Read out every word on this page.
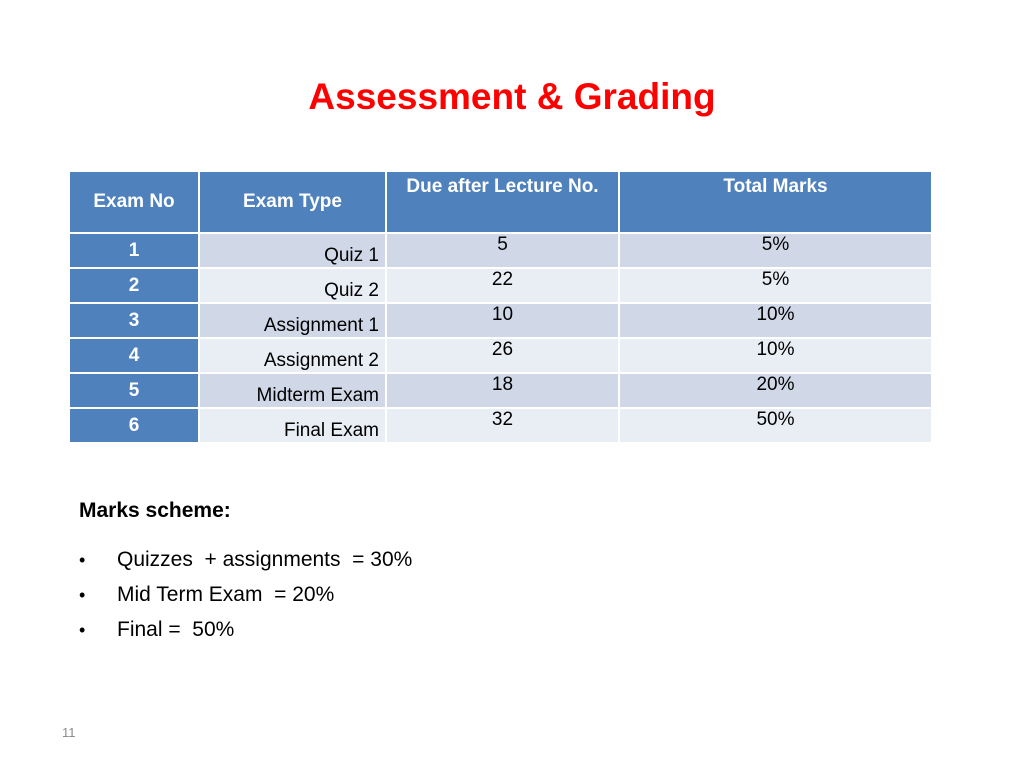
Assessment & Grading
Exam No	Exam Type	Due after Lecture No.	Total Marks
1	Quiz 1	5	5%
2	Quiz 2	22	5%
3	Assignment 1	10	10%
4	Assignment 2	26	10%
5	Midterm Exam	18	20%
6	Final Exam	32	50%

Marks scheme:

• Quizzes  + assignments  = 30%
• Mid Term Exam  = 20%
• Final =  50%
11
